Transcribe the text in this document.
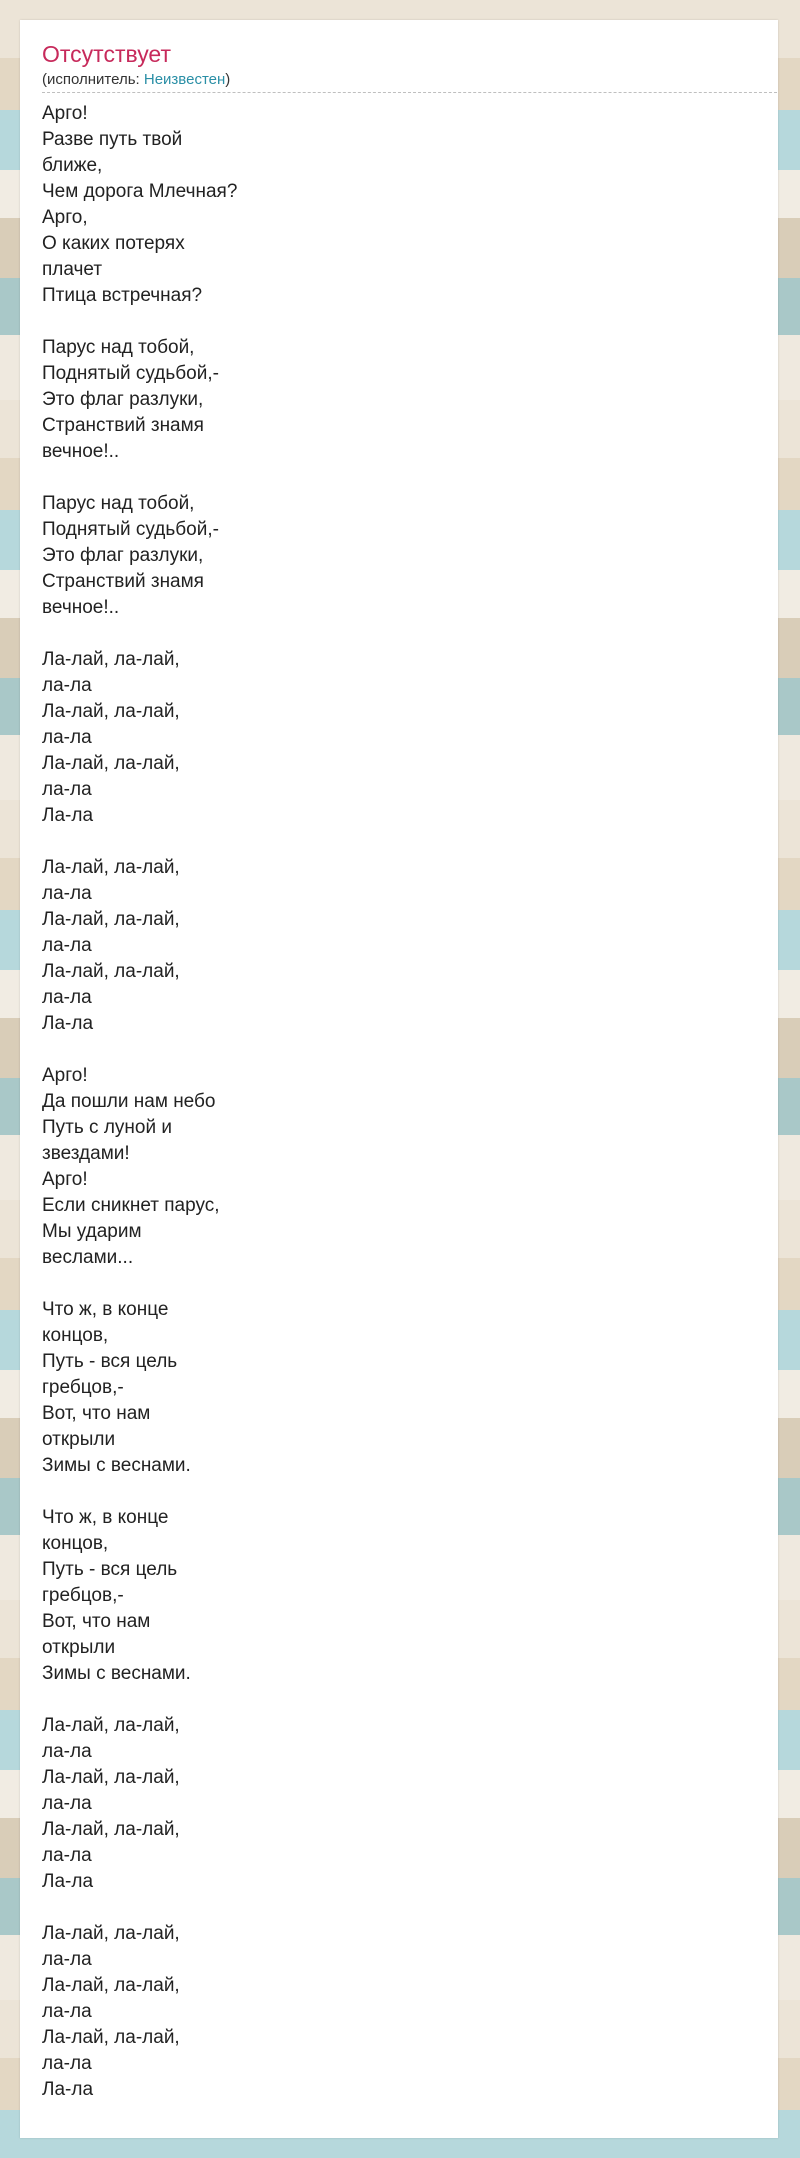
Отсутствует
(исполнитель: Неизвестен)
Арго!
Разве путь твой
ближе,
Чем дорога Млечная?
Арго,
О каких потерях
плачет
Птица встречная?
Парус над тобой,
Поднятый судьбой,-
Это флаг разлуки,
Странствий знамя
вечное!..
Парус над тобой,
Поднятый судьбой,-
Это флаг разлуки,
Странствий знамя
вечное!..
Ла-лай, ла-лай,
ла-ла
Ла-лай, ла-лай,
ла-ла
Ла-лай, ла-лай,
ла-ла
Ла-ла
Ла-лай, ла-лай,
ла-ла
Ла-лай, ла-лай,
ла-ла
Ла-лай, ла-лай,
ла-ла
Ла-ла
Арго!
Да пошли нам небо
Путь с луной и
звездами!
Арго!
Если сникнет парус,
Мы ударим
веслами...
Что ж, в конце
концов,
Путь - вся цель
гребцов,-
Вот, что нам
открыли
Зимы с веснами.
Что ж, в конце
концов,
Путь - вся цель
гребцов,-
Вот, что нам
открыли
Зимы с веснами.
Ла-лай, ла-лай,
ла-ла
Ла-лай, ла-лай,
ла-ла
Ла-лай, ла-лай,
ла-ла
Ла-ла
Ла-лай, ла-лай,
ла-ла
Ла-лай, ла-лай,
ла-ла
Ла-лай, ла-лай,
ла-ла
Ла-ла
